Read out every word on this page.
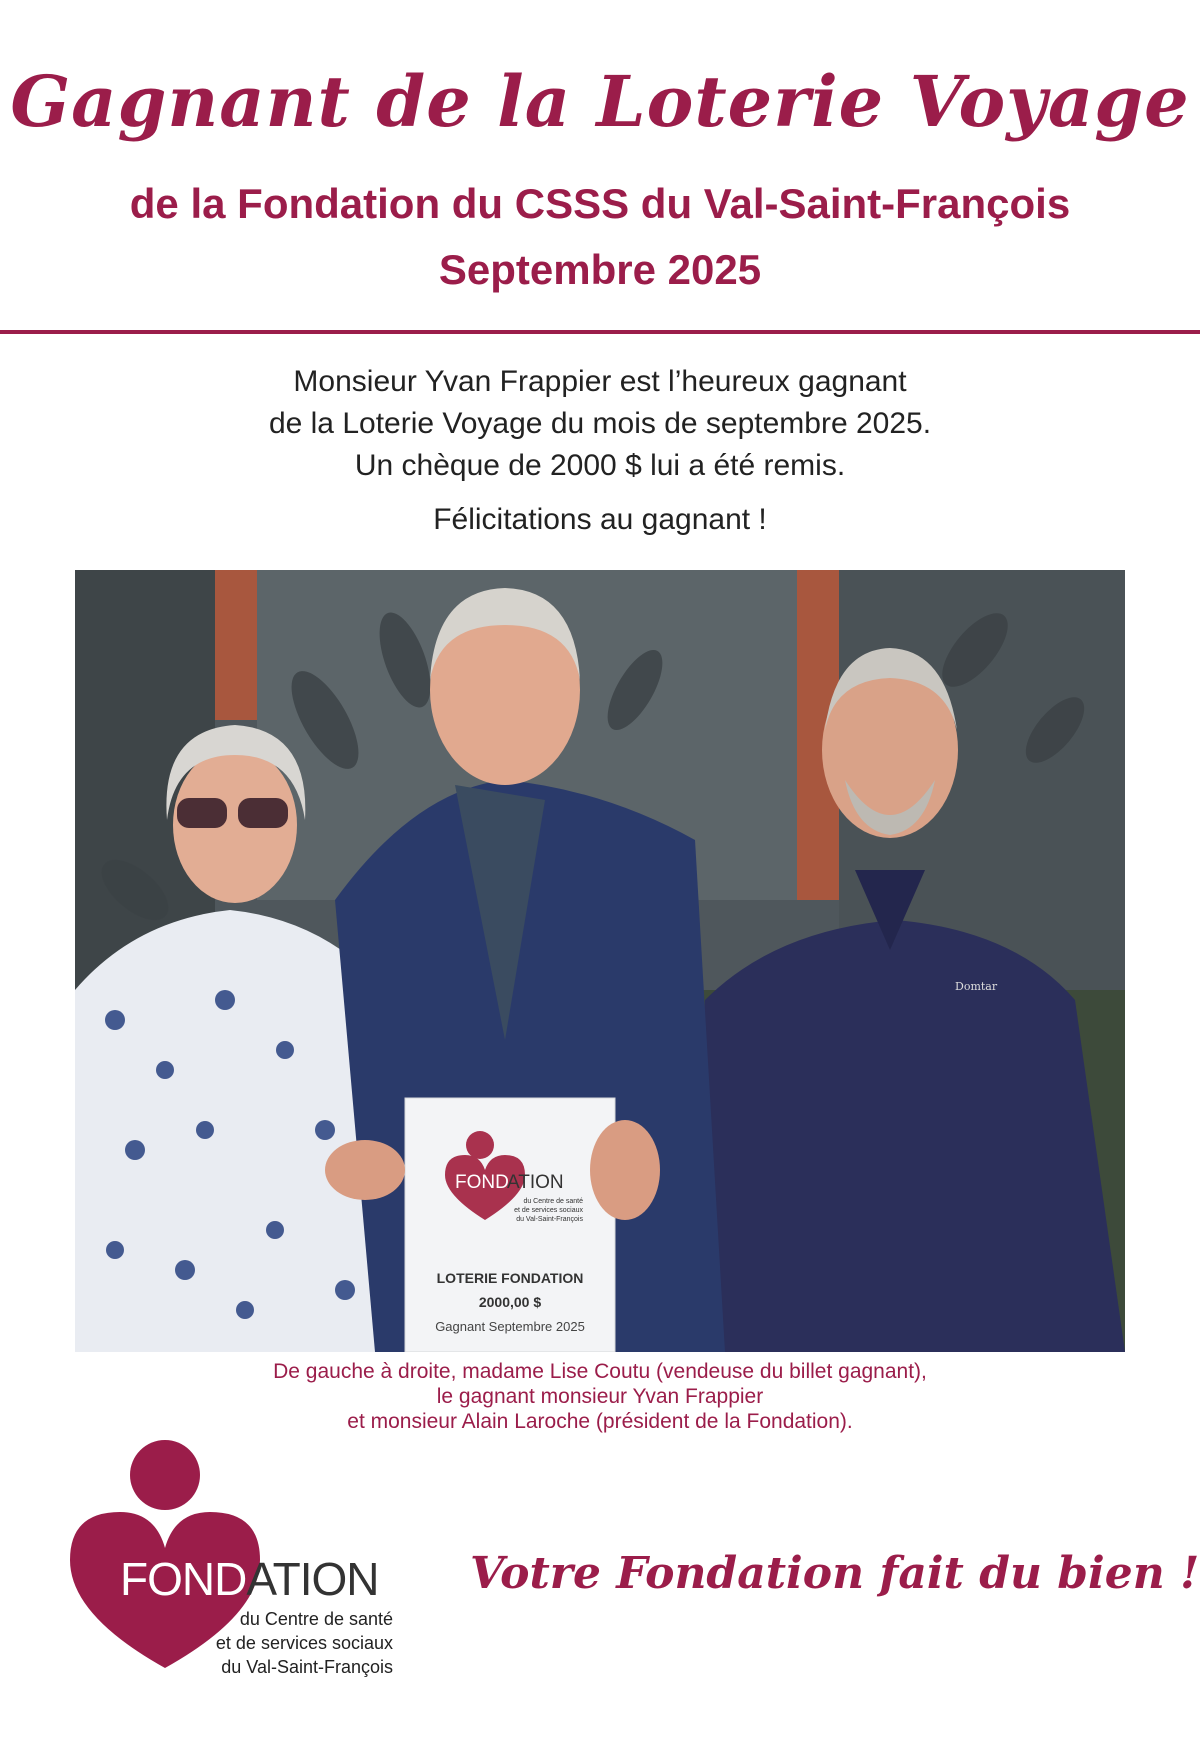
Gagnant de la Loterie Voyage
de la Fondation du CSSS du Val-Saint-François
Septembre 2025
Monsieur Yvan Frappier est l’heureux gagnant
de la Loterie Voyage du mois de septembre 2025.
Un chèque de 2000 $ lui a été remis.
Félicitations au gagnant !
Domtar
FOND
ATION
du Centre de santé
et de services sociaux
du Val-Saint-François
LOTERIE FONDATION
2000,00 $
Gagnant Septembre 2025
De gauche à droite, madame Lise Coutu (vendeuse du billet gagnant),
le gagnant monsieur Yvan Frappier
et monsieur Alain Laroche (président de la Fondation).
FONDATION
du Centre de santé
et de services sociaux
du Val-Saint-François
Votre Fondation fait du bien !
